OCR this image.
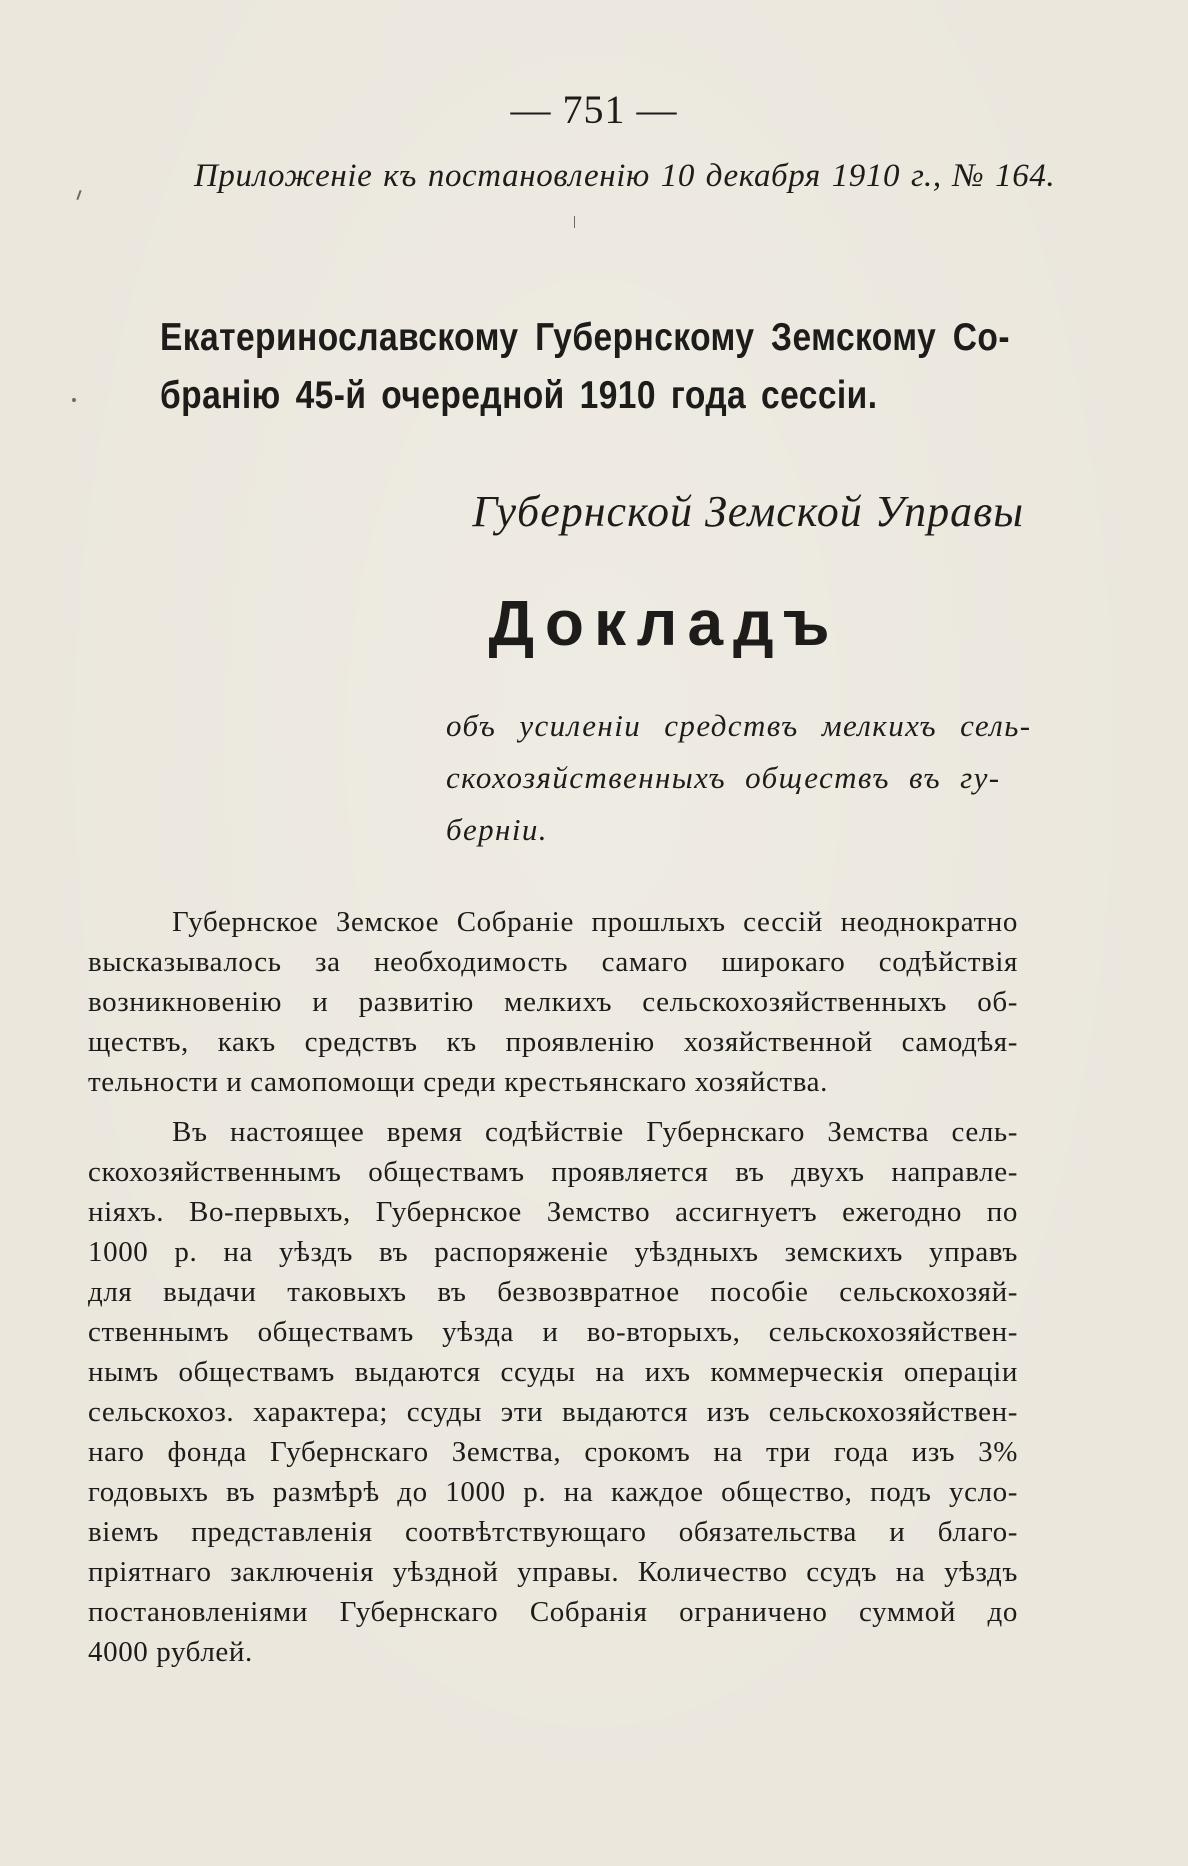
— 751 —
Приложеніе къ постановленію 10 декабря 1910 г., № 164.
Екатеринославскому Губернскому Земскому Со-
бранію 45-й очередной 1910 года сессіи.
Губернской Земской Управы
Докладъ
объ усиленіи средствъ мелкихъ сель-
скохозяйственныхъ обществъ въ гу-
берніи.
Губернское Земское Собраніе прошлыхъ сессій неоднократно
высказывалось за необходимость самаго широкаго содѣйствія
возникновенію и развитію мелкихъ сельскохозяйственныхъ об-
ществъ, какъ средствъ къ проявленію хозяйственной самодѣя-
тельности и самопомощи среди крестьянскаго хозяйства.
Въ настоящее время содѣйствіе Губернскаго Земства сель-
скохозяйственнымъ обществамъ проявляется въ двухъ направле-
ніяхъ. Во-первыхъ, Губернское Земство ассигнуетъ ежегодно по
1000 р. на уѣздъ въ распоряженіе уѣздныхъ земскихъ управъ
для выдачи таковыхъ въ безвозвратное пособіе сельскохозяй-
ственнымъ обществамъ уѣзда и во-вторыхъ, сельскохозяйствен-
нымъ обществамъ выдаются ссуды на ихъ коммерческія операціи
сельскохоз. характера; ссуды эти выдаются изъ сельскохозяйствен-
наго фонда Губернскаго Земства, срокомъ на три года изъ 3%
годовыхъ въ размѣрѣ до 1000 р. на каждое общество, подъ усло-
віемъ представленія соотвѣтствующаго обязательства и благо-
пріятнаго заключенія уѣздной управы. Количество ссудъ на уѣздъ
постановленіями Губернскаго Собранія ограничено суммой до
4000 рублей.
